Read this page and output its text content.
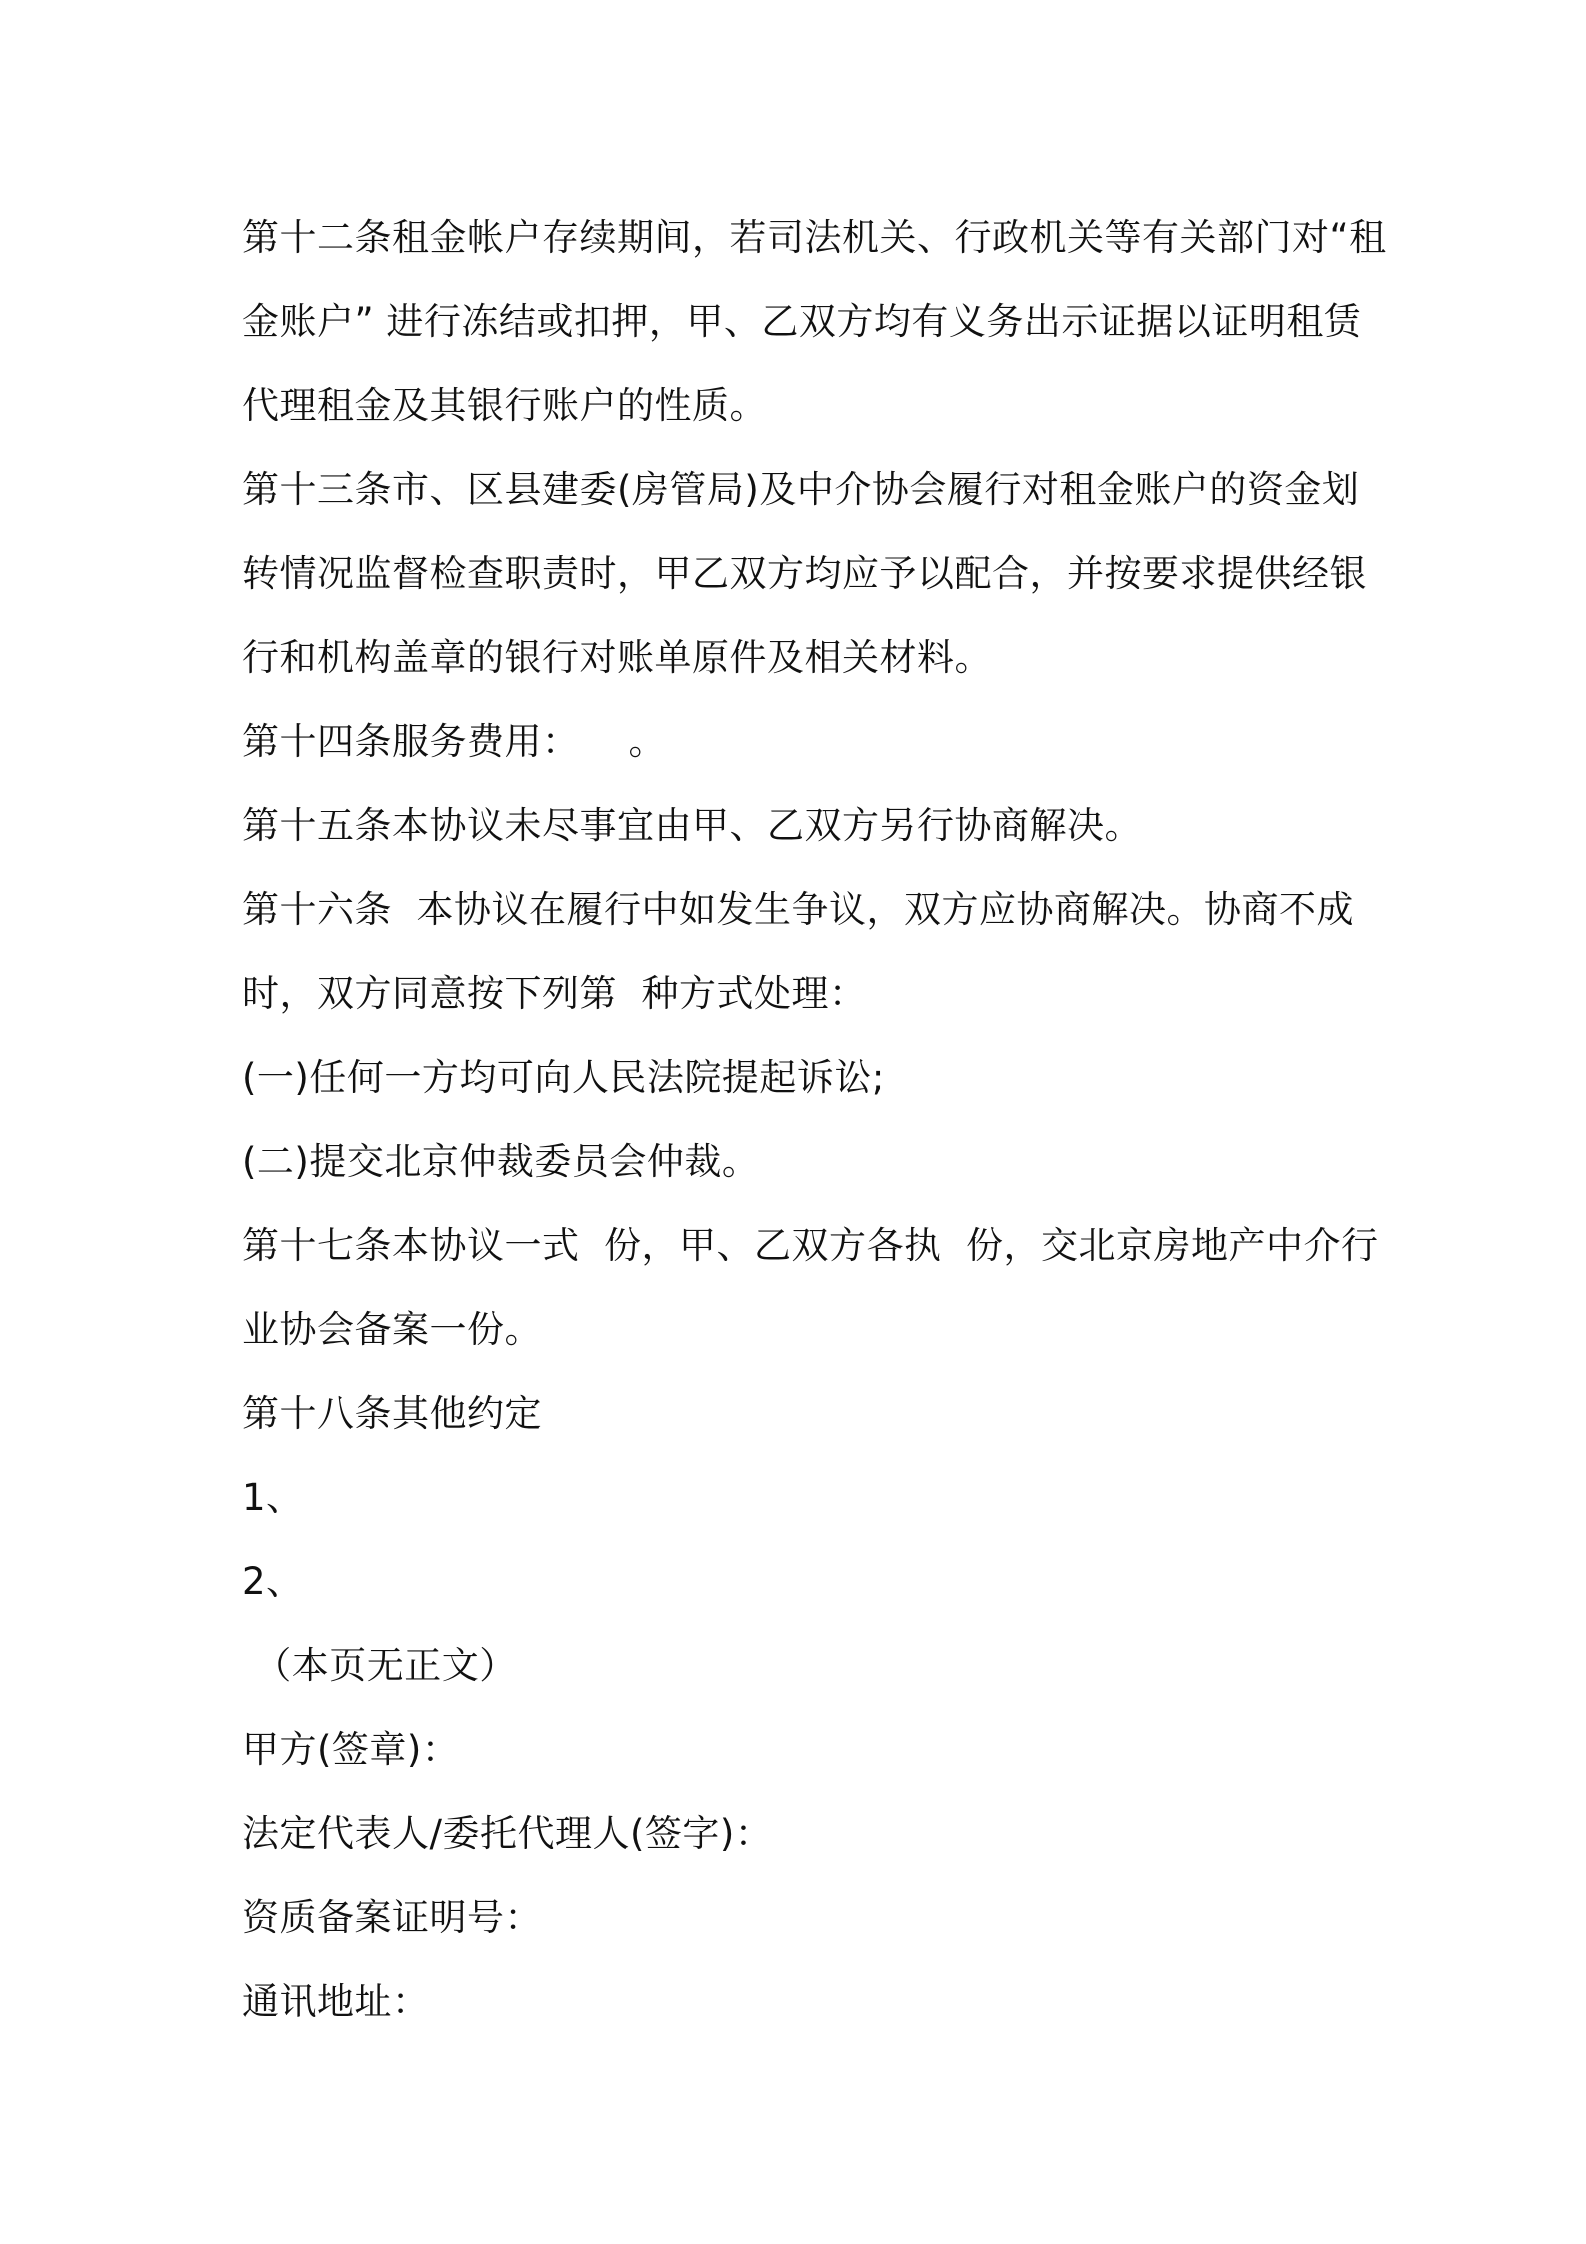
第十二条租金帐户存续期间，若司法机关、行政机关等有关部门对“租
金账户” 进行冻结或扣押，甲、乙双方均有义务出示证据以证明租赁
代理租金及其银行账户的性质。
第十三条市、区县建委(房管局)及中介协会履行对租金账户的资金划
转情况监督检查职责时，甲乙双方均应予以配合，并按要求提供经银
行和机构盖章的银行对账单原件及相关材料。
第十四条服务费用：    。
第十五条本协议未尽事宜由甲、乙双方另行协商解决。
第十六条  本协议在履行中如发生争议，双方应协商解决。协商不成
时，双方同意按下列第  种方式处理：
(一)任何一方均可向人民法院提起诉讼;
(二)提交北京仲裁委员会仲裁。
第十七条本协议一式  份，甲、乙双方各执  份，交北京房地产中介行
业协会备案一份。
第十八条其他约定
1、
2、
（本页无正文）
甲方(签章)：
法定代表人/委托代理人(签字)：
资质备案证明号：
通讯地址：
